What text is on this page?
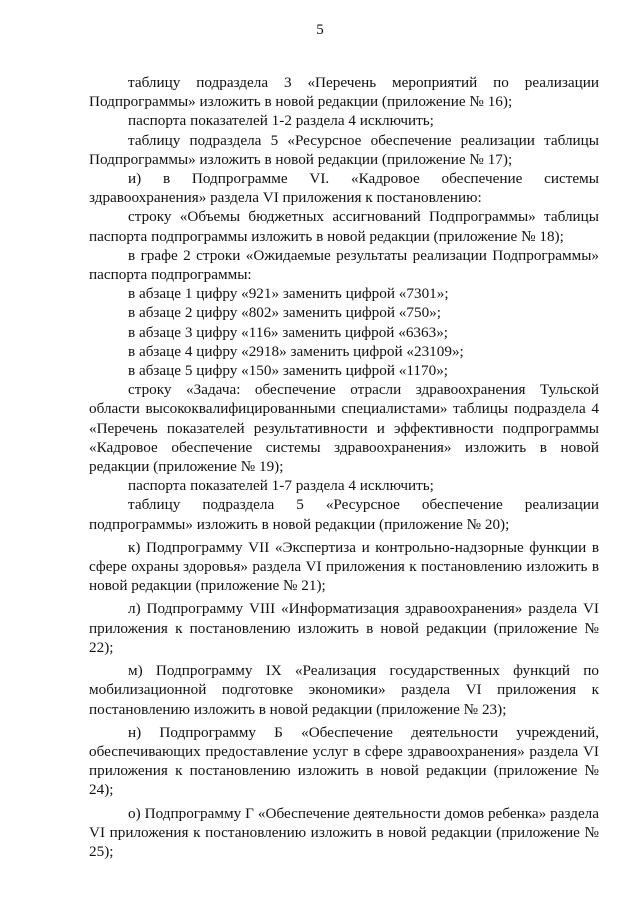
5

таблицу подраздела 3 «Перечень мероприятий по реализации Подпрограммы» изложить в новой редакции (приложение № 16);

паспорта показателей 1-2 раздела 4 исключить;

таблицу подраздела 5 «Ресурсное обеспечение реализации таблицы Подпрограммы» изложить в новой редакции (приложение № 17);

и) в Подпрограмме VI. «Кадровое обеспечение системы здравоохранения» раздела VI приложения к постановлению:

строку «Объемы бюджетных ассигнований Подпрограммы» таблицы паспорта подпрограммы изложить в новой редакции (приложение № 18);

в графе 2 строки «Ожидаемые результаты реализации Подпрограммы» паспорта подпрограммы:

в абзаце 1 цифру «921» заменить цифрой «7301»;

в абзаце 2 цифру «802» заменить цифрой «750»;

в абзаце 3 цифру «116» заменить цифрой «6363»;

в абзаце 4 цифру «2918» заменить цифрой «23109»;

в абзаце 5 цифру «150» заменить цифрой «1170»;

строку «Задача: обеспечение отрасли здравоохранения Тульской области высококвалифицированными специалистами» таблицы подраздела 4 «Перечень показателей результативности и эффективности подпрограммы «Кадровое обеспечение системы здравоохранения» изложить в новой редакции (приложение № 19);

паспорта показателей 1-7 раздела 4 исключить;

таблицу подраздела 5 «Ресурсное обеспечение реализации подпрограммы» изложить в новой редакции (приложение № 20);

к) Подпрограмму VII «Экспертиза и контрольно-надзорные функции в сфере охраны здоровья» раздела VI приложения к постановлению изложить в новой редакции (приложение № 21);

л) Подпрограмму VIII «Информатизация здравоохранения» раздела VI приложения к постановлению изложить в новой редакции (приложение № 22);

м) Подпрограмму IX «Реализация государственных функций по мобилизационной подготовке экономики» раздела VI приложения к постановлению изложить в новой редакции (приложение № 23);

н) Подпрограмму Б «Обеспечение деятельности учреждений, обеспечивающих предоставление услуг в сфере здравоохранения» раздела VI приложения к постановлению изложить в новой редакции (приложение № 24);

о) Подпрограмму Г «Обеспечение деятельности домов ребенка» раздела VI приложения к постановлению изложить в новой редакции (приложение № 25);
